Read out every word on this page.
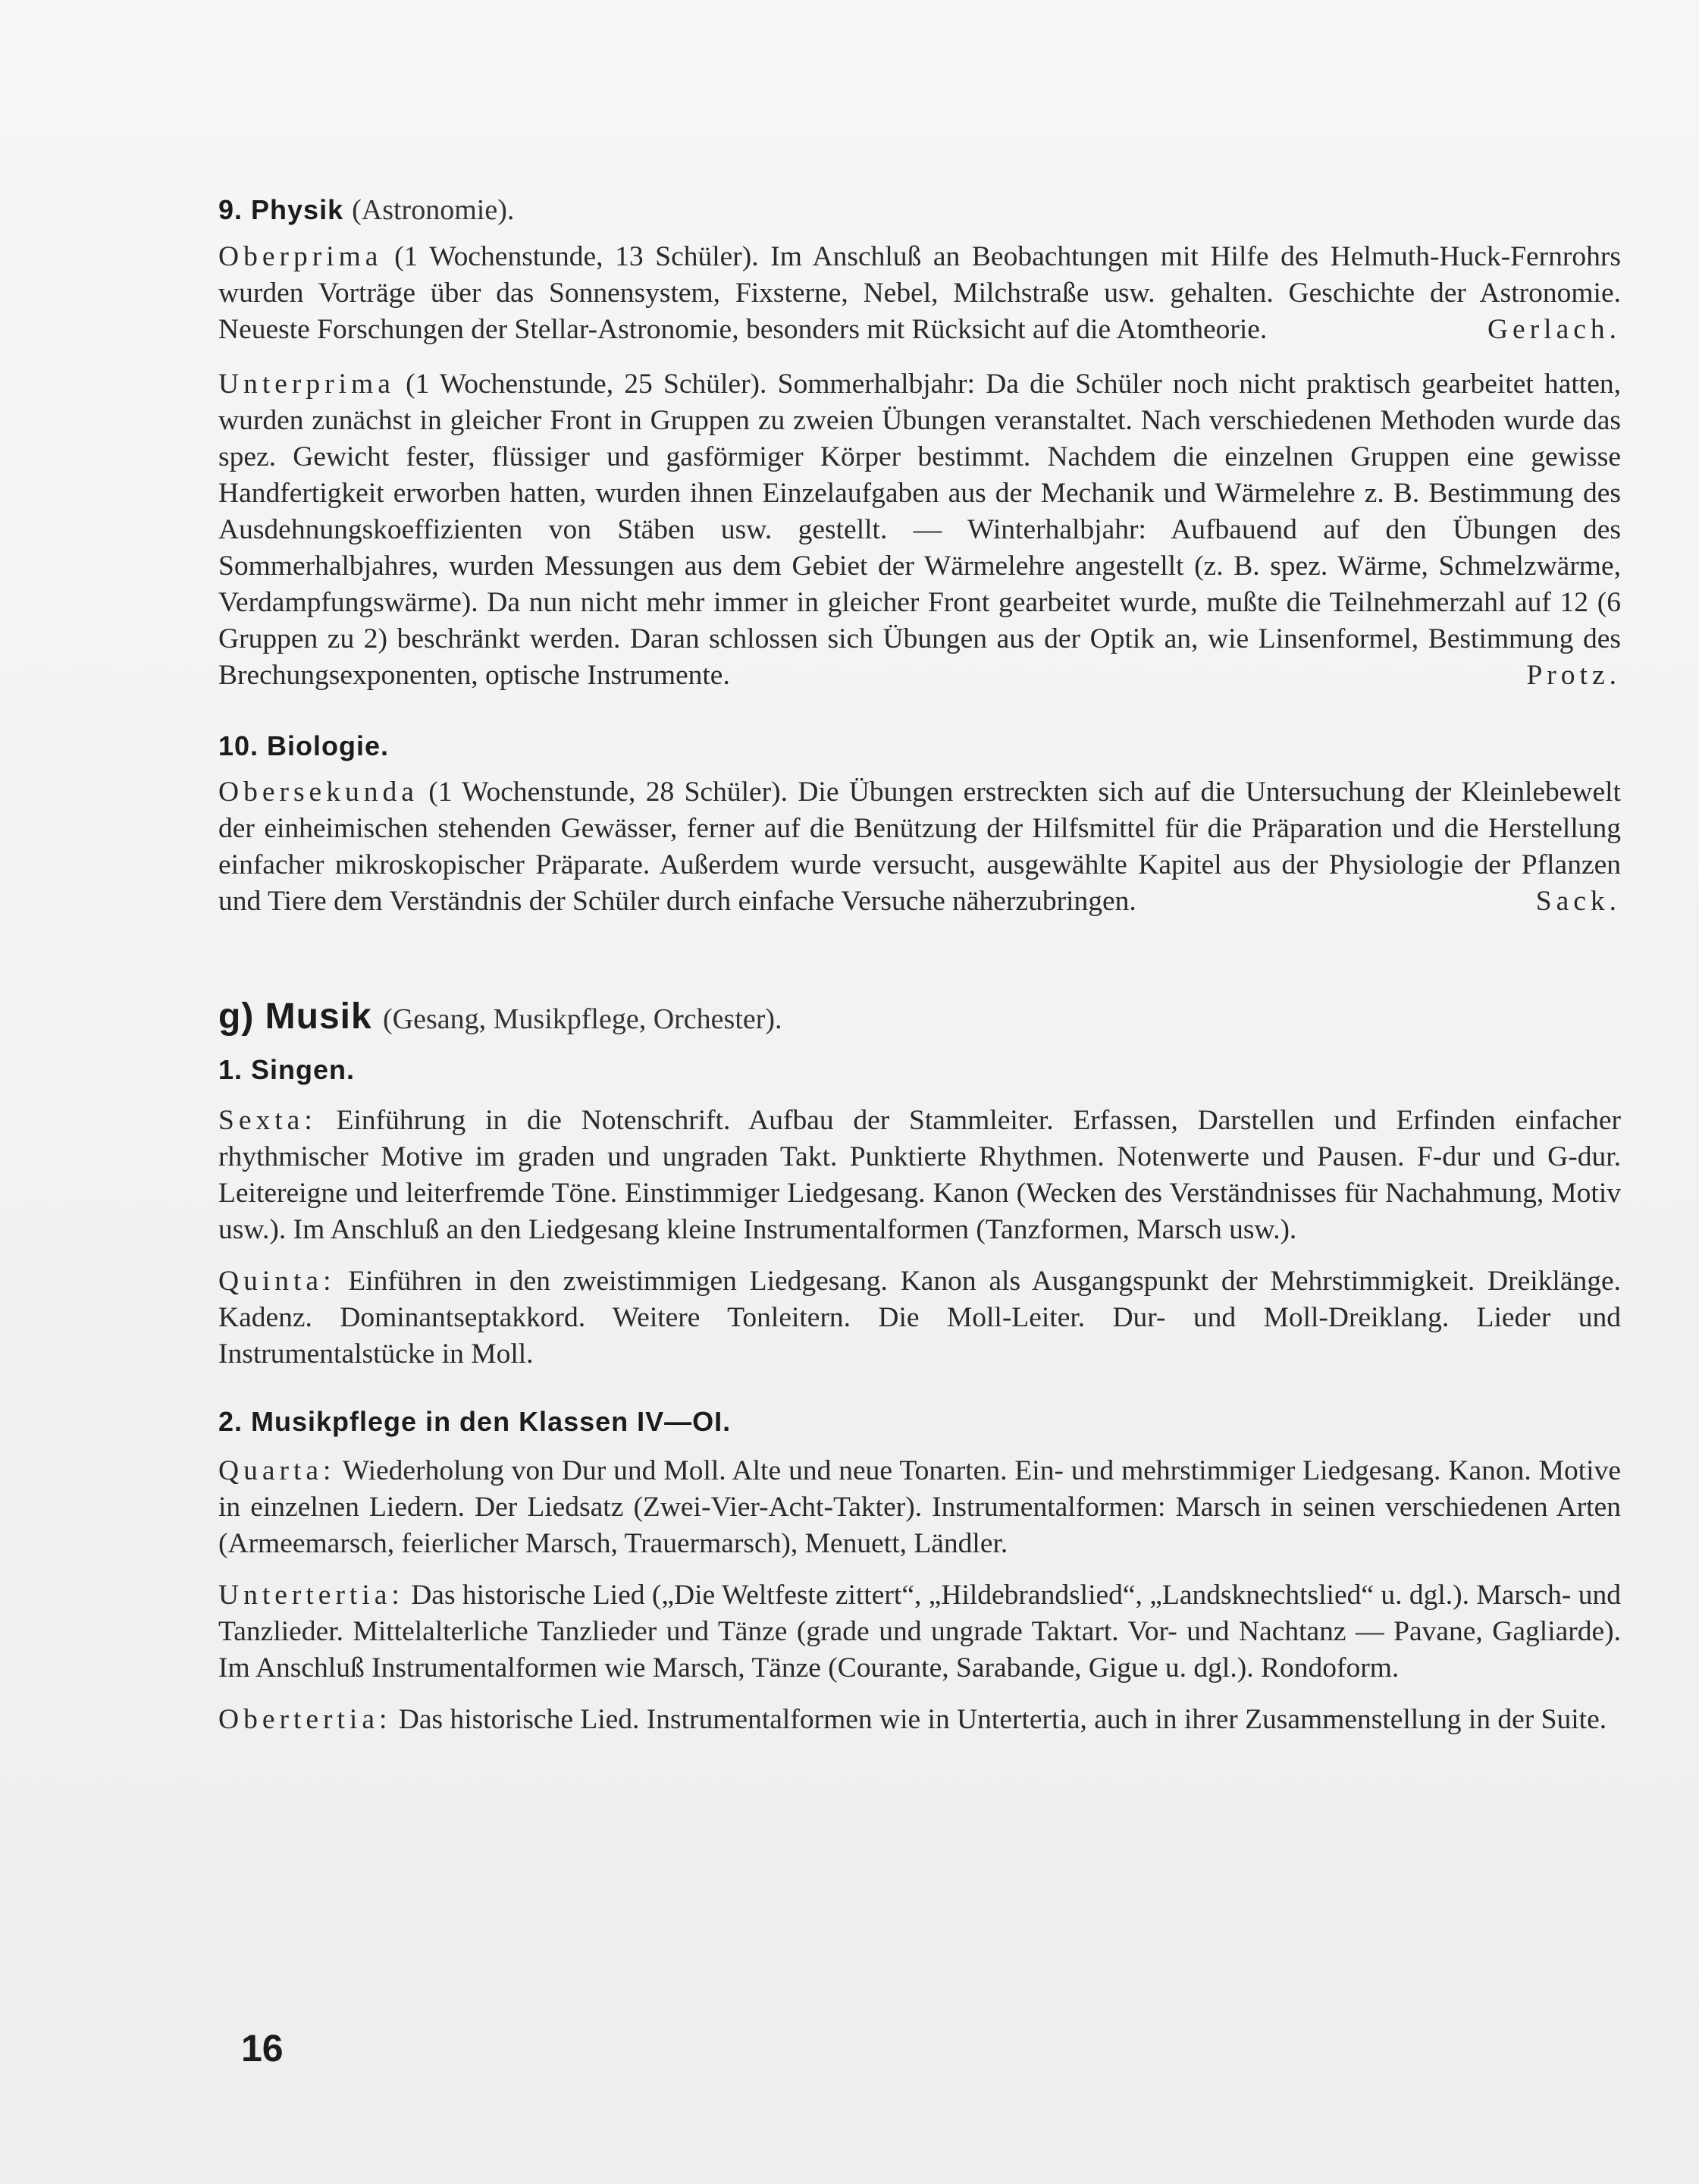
9. Physik (Astronomie).

Oberprima (1 Wochenstunde, 13 Schüler). Im Anschluß an Beobachtungen mit Hilfe des Helmuth-Huck-Fernrohrs wurden Vorträge über das Sonnensystem, Fixsterne, Nebel, Milchstraße usw. gehalten. Geschichte der Astronomie. Neueste Forschungen der Stellar-Astronomie, besonders mit Rücksicht auf die Atomtheorie.	Gerlach.

Unterprima (1 Wochenstunde, 25 Schüler). Sommerhalbjahr: Da die Schüler noch nicht praktisch gearbeitet hatten, wurden zunächst in gleicher Front in Gruppen zu zweien Übungen veranstaltet. Nach verschiedenen Methoden wurde das spez. Gewicht fester, flüssiger und gasförmiger Körper bestimmt. Nachdem die einzelnen Gruppen eine gewisse Handfertigkeit erworben hatten, wurden ihnen Einzelaufgaben aus der Mechanik und Wärmelehre z. B. Bestimmung des Ausdehnungskoeffizienten von Stäben usw. gestellt. — Winterhalbjahr: Aufbauend auf den Übungen des Sommerhalbjahres, wurden Messungen aus dem Gebiet der Wärmelehre angestellt (z. B. spez. Wärme, Schmelzwärme, Verdampfungswärme). Da nun nicht mehr immer in gleicher Front gearbeitet wurde, mußte die Teilnehmerzahl auf 12 (6 Gruppen zu 2) beschränkt werden. Daran schlossen sich Übungen aus der Optik an, wie Linsenformel, Bestimmung des Brechungsexponenten, optische Instrumente.	Protz.

10. Biologie.

Obersekunda (1 Wochenstunde, 28 Schüler). Die Übungen erstreckten sich auf die Untersuchung der Kleinlebewelt der einheimischen stehenden Gewässer, ferner auf die Benützung der Hilfsmittel für die Präparation und die Herstellung einfacher mikroskopischer Präparate. Außerdem wurde versucht, ausgewählte Kapitel aus der Physiologie der Pflanzen und Tiere dem Verständnis der Schüler durch einfache Versuche näherzubringen.	Sack.

g) Musik (Gesang, Musikpflege, Orchester).
1. Singen.

Sexta: Einführung in die Notenschrift. Aufbau der Stammleiter. Erfassen, Darstellen und Erfinden einfacher rhythmischer Motive im graden und ungraden Takt. Punktierte Rhythmen. Notenwerte und Pausen. F-dur und G-dur. Leitereigne und leiterfremde Töne. Einstimmiger Liedgesang. Kanon (Wecken des Verständnisses für Nachahmung, Motiv usw.). Im Anschluß an den Liedgesang kleine Instrumentalformen (Tanzformen, Marsch usw.).

Quinta: Einführen in den zweistimmigen Liedgesang. Kanon als Ausgangspunkt der Mehrstimmigkeit. Dreiklänge. Kadenz. Dominantseptakkord. Weitere Tonleitern. Die Moll-Leiter. Dur- und Moll-Dreiklang. Lieder und Instrumentalstücke in Moll.

2. Musikpflege in den Klassen IV—OI.

Quarta: Wiederholung von Dur und Moll. Alte und neue Tonarten. Ein- und mehrstimmiger Liedgesang. Kanon. Motive in einzelnen Liedern. Der Liedsatz (Zwei-Vier-Acht-Takter). Instrumentalformen: Marsch in seinen verschiedenen Arten (Armeemarsch, feierlicher Marsch, Trauermarsch), Menuett, Ländler.

Untertertia: Das historische Lied („Die Weltfeste zittert“, „Hildebrandslied“, „Landsknechtslied“ u. dgl.). Marsch- und Tanzlieder. Mittelalterliche Tanzlieder und Tänze (grade und ungrade Taktart. Vor- und Nachtanz — Pavane, Gagliarde). Im Anschluß Instrumentalformen wie Marsch, Tänze (Courante, Sarabande, Gigue u. dgl.). Rondoform.

Obertertia: Das historische Lied. Instrumentalformen wie in Untertertia, auch in ihrer Zusammenstellung in der Suite.

16
